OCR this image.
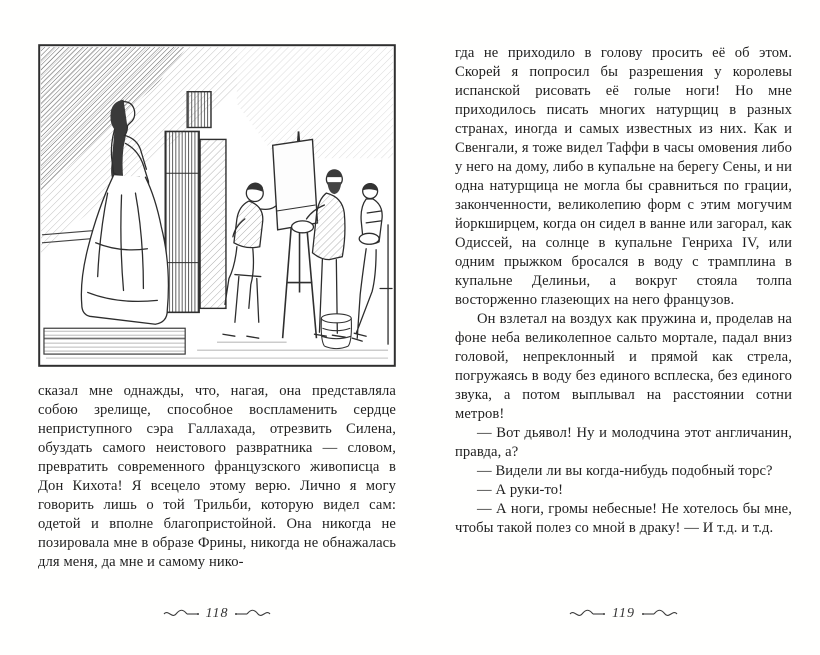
сказал мне однажды, что, нагая, она представляла собою зрелище, способное воспламенить сердце неприступного сэра Галлахада, отрезвить Силена, обуздать самого неистового развратника — словом, превратить современного французского живописца в Дон Кихота! Я всецело этому верю. Лично я могу говорить лишь о той Трильби, которую видел сам: одетой и вполне благопристойной. Она никогда не позировала мне в образе Фрины, никогда не обнажалась для меня, да мне и самому нико-

118

гда не приходило в голову просить её об этом. Скорей я попросил бы разрешения у королевы испанской рисовать её голые ноги! Но мне приходилось писать многих натурщиц в разных странах, иногда и самых известных из них. Как и Свенгали, я тоже видел Таффи в часы омовения либо у него на дому, либо в купальне на берегу Сены, и ни одна натурщица не могла бы сравниться по грации, законченности, великолепию форм с этим могучим йоркширцем, когда он сидел в ванне или загорал, как Одиссей, на солнце в купальне Генриха IV, или одним прыжком бросался в воду с трамплина в купальне Делиньи, а вокруг стояла толпа восторженно глазеющих на него французов.

Он взлетал на воздух как пружина и, проделав на фоне неба великолепное сальто мортале, падал вниз головой, непреклонный и прямой как стрела, погружаясь в воду без единого всплеска, без единого звука, а потом выплывал на расстоянии сотни метров!

— Вот дьявол! Ну и молодчина этот англичанин, правда, а?

— Видели ли вы когда-нибудь подобный торс?

— А руки-то!

— А ноги, громы небесные! Не хотелось бы мне, чтобы такой полез со мной в драку! — И т.д. и т.д.

119
